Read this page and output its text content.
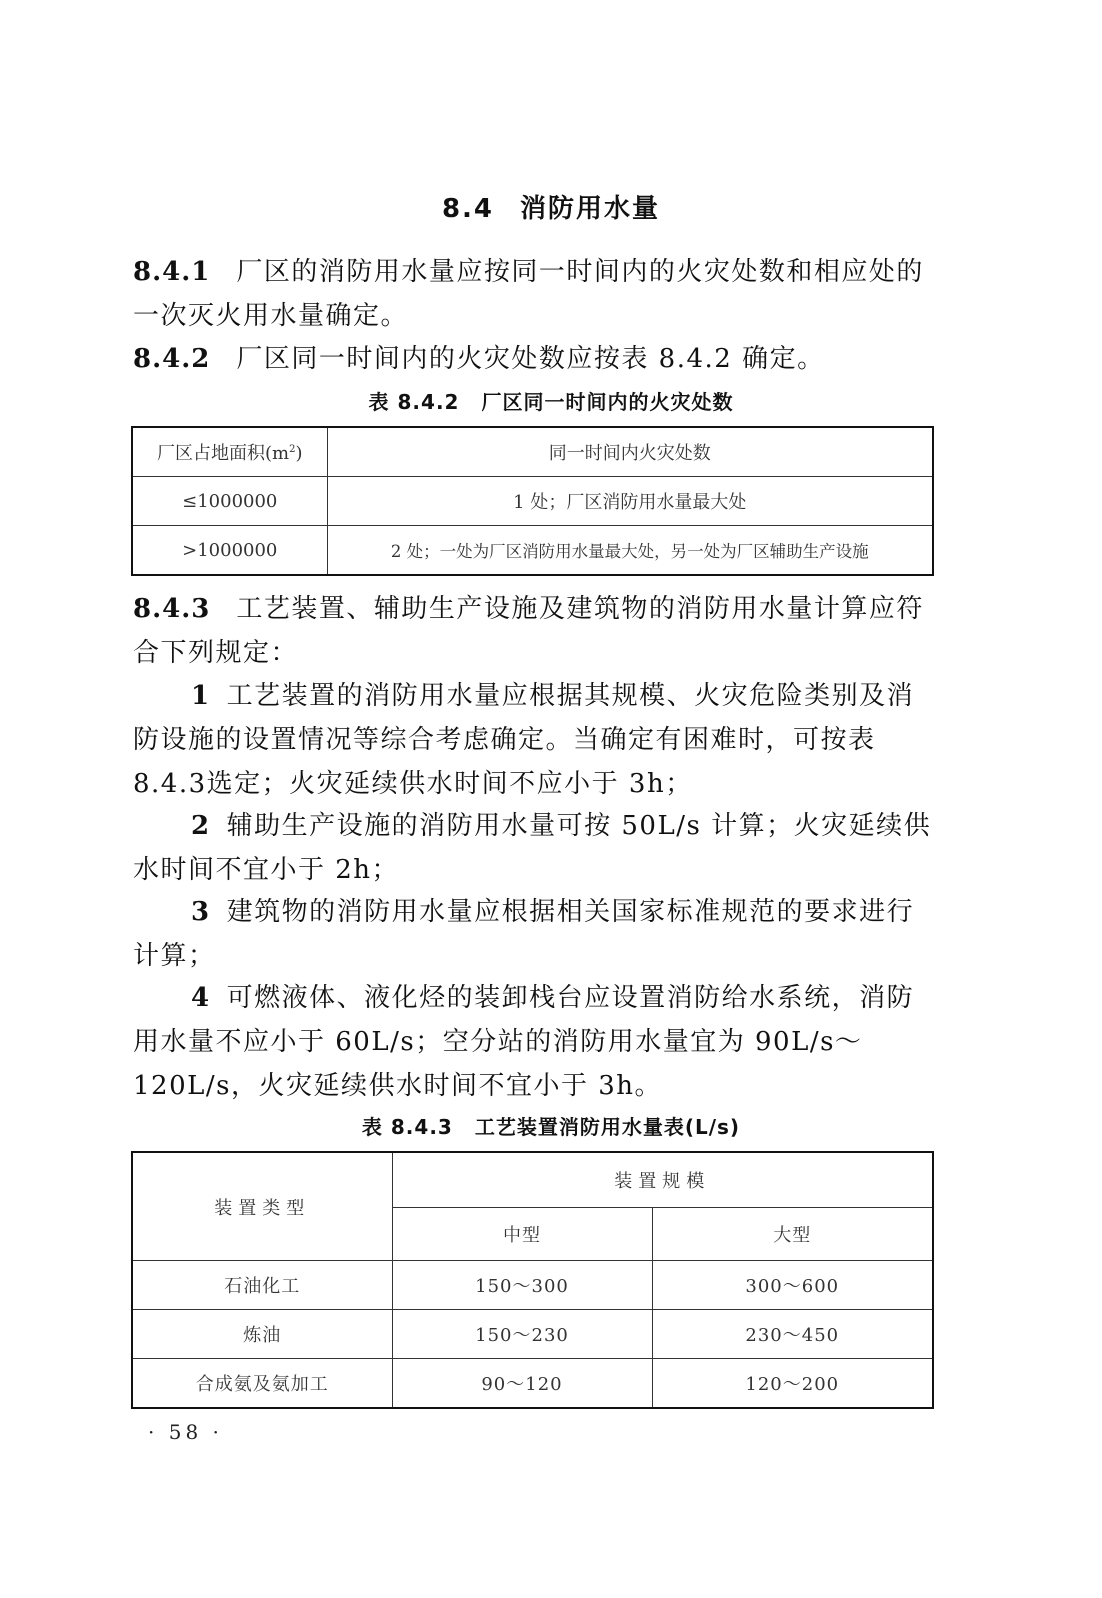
8.4 消防用水量

8.4.1 厂区的消防用水量应按同一时间内的火灾处数和相应处的一次灭火用水量确定。

8.4.2 厂区同一时间内的火灾处数应按表 8.4.2 确定。

表 8.4.2 厂区同一时间内的火灾处数
厂区占地面积$(m^2)$	同一时间内火灾处数
≤1000000	1 处；厂区消防用水量最大处
>1000000	2 处；一处为厂区消防用水量最大处，另一处为厂区辅助生产设施

8.4.3 工艺装置、辅助生产设施及建筑物的消防用水量计算应符合下列规定：

1 工艺装置的消防用水量应根据其规模、火灾危险类别及消防设施的设置情况等综合考虑确定。当确定有困难时，可按表8.4.3选定；火灾延续供水时间不应小于 3h；

2 辅助生产设施的消防用水量可按 50L/s 计算；火灾延续供水时间不宜小于 2h；

3 建筑物的消防用水量应根据相关国家标准规范的要求进行计算；

4 可燃液体、液化烃的装卸栈台应设置消防给水系统，消防用水量不应小于 60L/s；空分站的消防用水量宜为 90L/s～120L/s，火灾延续供水时间不宜小于 3h。

表 8.4.3 工艺装置消防用水量表(L/s)
装置类型	装置规模	
	中型	大型
石油化工	150～300	300～600
炼油	150～230	230～450
合成氨及氨加工	90～120	120～200
· 58 ·
